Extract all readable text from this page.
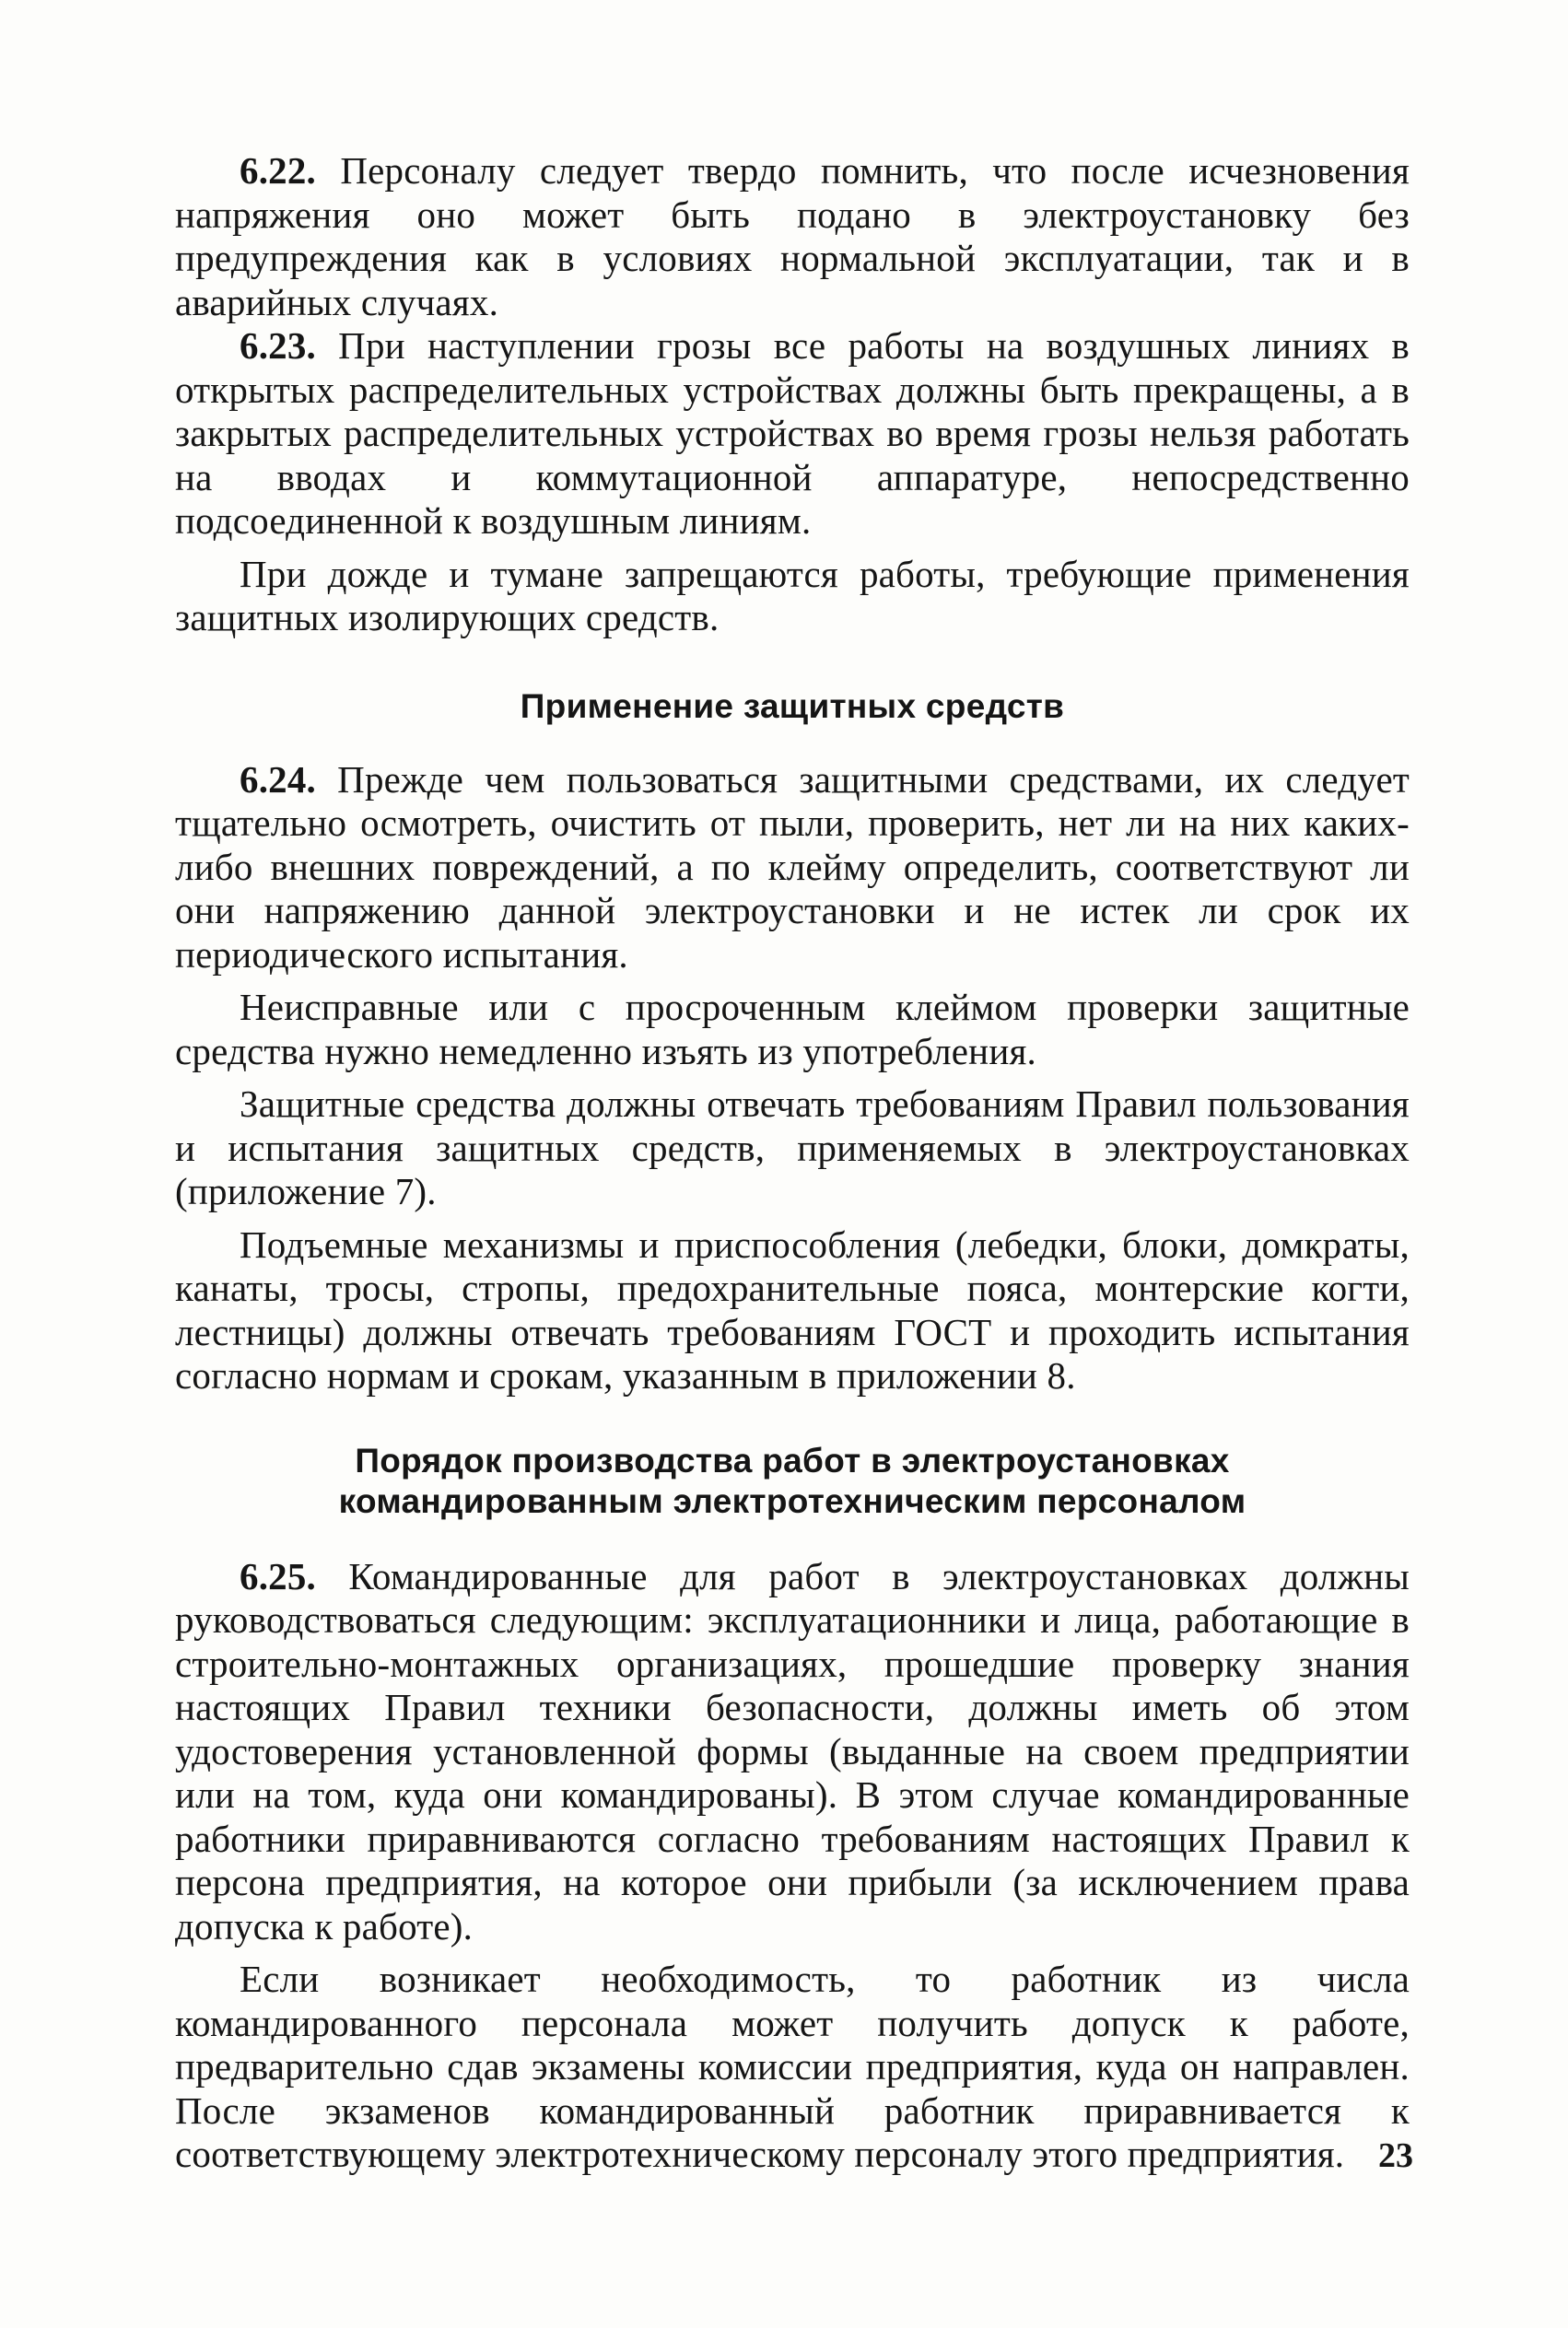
6.22. Персоналу следует твердо помнить, что после исчезновения напряжения оно может быть подано в электроустановку без предупреждения как в условиях нормальной эксплуатации, так и в аварийных случаях.

6.23. При наступлении грозы все работы на воздушных линиях в открытых распределительных устройствах должны быть прекращены, а в закрытых распределительных устройствах во время грозы нельзя работать на вводах и коммутационной аппаратуре, непосредственно подсоединенной к воздушным линиям.

При дожде и тумане запрещаются работы, требующие применения защитных изолирующих средств.

Применение защитных средств

6.24. Прежде чем пользоваться защитными средствами, их следует тщательно осмотреть, очистить от пыли, проверить, нет ли на них каких-либо внешних повреждений, а по клейму определить, соответствуют ли они напряжению данной электроустановки и не истек ли срок их периодического испытания.

Неисправные или с просроченным клеймом проверки защитные средства нужно немедленно изъять из употребления.

Защитные средства должны отвечать требованиям Правил пользования и испытания защитных средств, применяемых в электроустановках (приложение 7).

Подъемные механизмы и приспособления (лебедки, блоки, домкраты, канаты, тросы, стропы, предохранительные пояса, монтерские когти, лестницы) должны отвечать требованиям ГОСТ и проходить испытания согласно нормам и срокам, указанным в приложении 8.

Порядок производства работ в электроустановках
командированным электротехническим персоналом

6.25. Командированные для работ в электроустановках должны руководствоваться следующим: эксплуатационники и лица, работающие в строительно-монтажных организациях, прошедшие проверку знания настоящих Правил техники безопасности, должны иметь об этом удостоверения установленной формы (выданные на своем предприятии или на том, куда они командированы). В этом случае командированные работники приравниваются согласно требованиям настоящих Правил к персона предприятия, на которое они прибыли (за исключением права допуска к работе).

Если возникает необходимость, то работник из числа командированного персонала может получить допуск к работе, предварительно сдав экзамены комиссии предприятия, куда он направлен. После экзаменов командированный работник приравнивается к соответствующему электротехническому персоналу этого предприятия. 23
